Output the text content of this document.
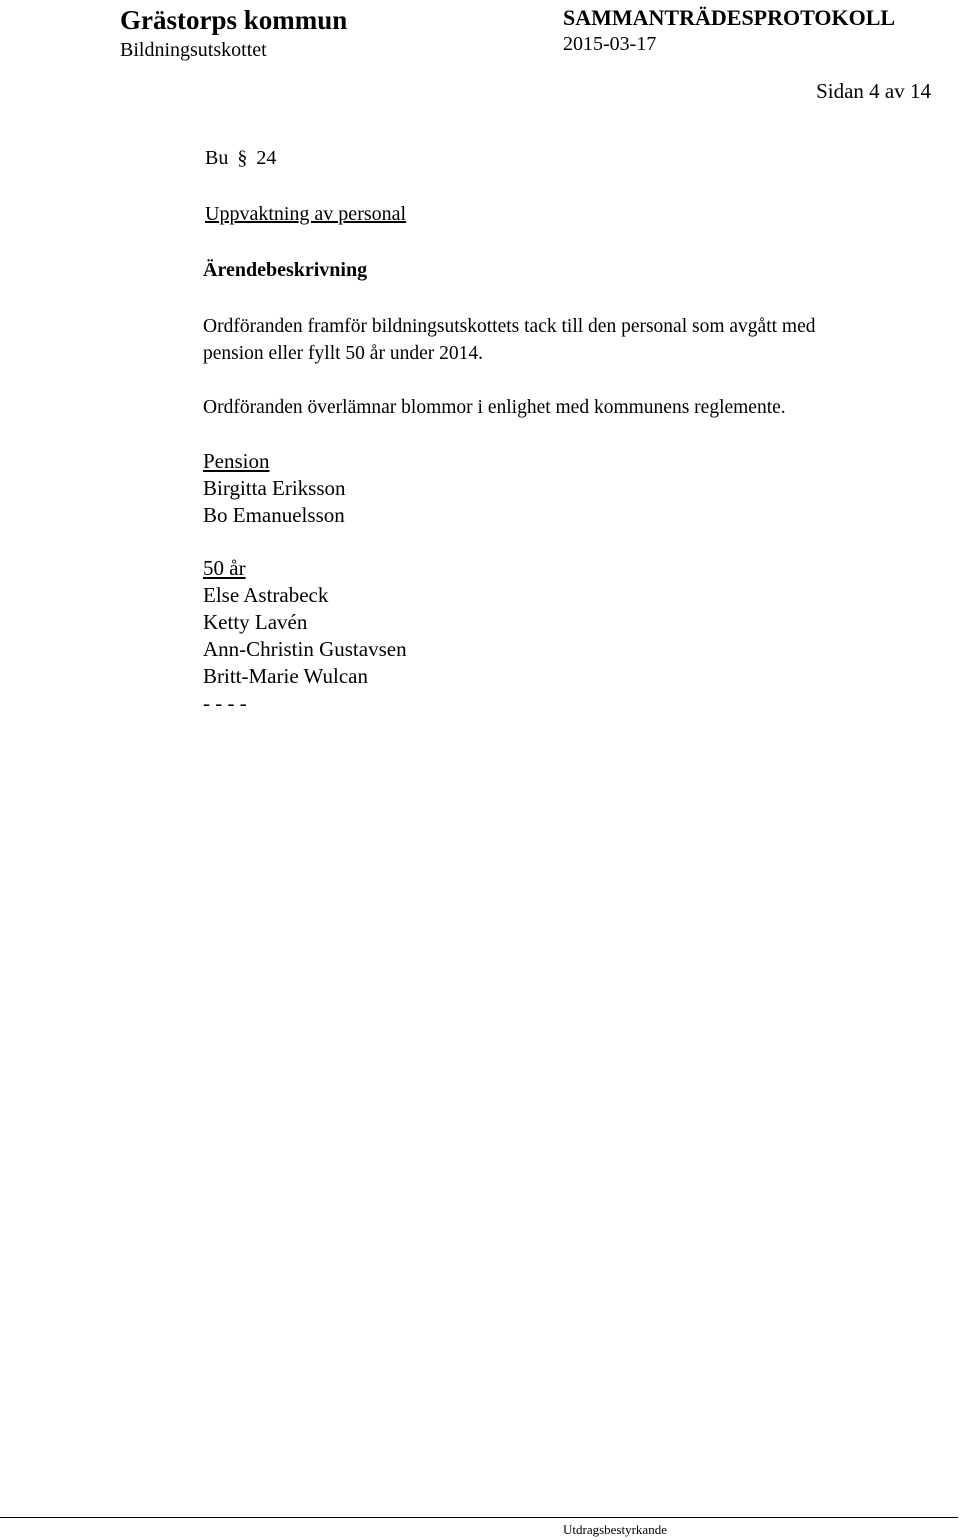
Grästorps kommun
Bildningsutskottet
SAMMANTRÄDESPROTOKOLL
2015-03-17
Sidan 4 av 14
Bu § 24
Uppvaktning av personal
Ärendebeskrivning
Ordföranden framför bildningsutskottets tack till den personal som avgått med
pension eller fyllt 50 år under 2014.
Ordföranden överlämnar blommor i enlighet med kommunens reglemente.
Pension
Birgitta Eriksson
Bo Emanuelsson
50 år
Else Astrabeck
Ketty Lavén
Ann-Christin Gustavsen
Britt-Marie Wulcan
- - - -
Utdragsbestyrkande
